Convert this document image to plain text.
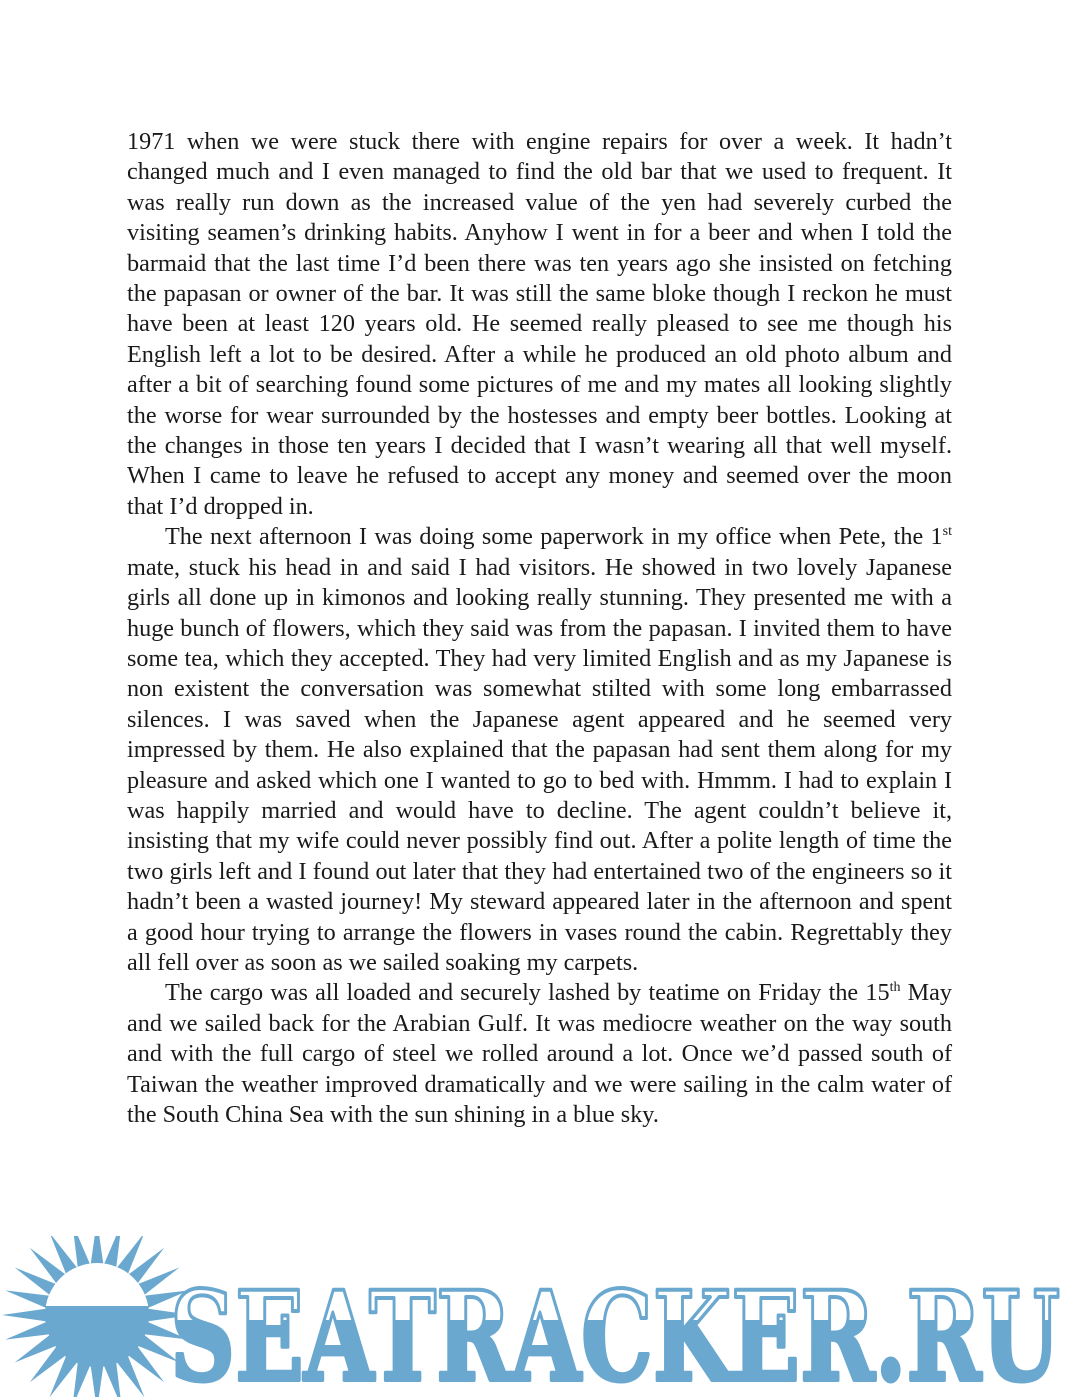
1971 when we were stuck there with engine repairs for over a week. It hadn’t changed much and I even managed to find the old bar that we used to frequent. It was really run down as the increased value of the yen had severely curbed the visiting seamen’s drinking habits. Anyhow I went in for a beer and when I told the barmaid that the last time I’d been there was ten years ago she insisted on fetching the papasan or owner of the bar. It was still the same bloke though I reckon he must have been at least 120 years old. He seemed really pleased to see me though his English left a lot to be desired. After a while he produced an old photo album and after a bit of searching found some pictures of me and my mates all looking slightly the worse for wear surrounded by the hostesses and empty beer bottles. Looking at the changes in those ten years I decided that I wasn’t wearing all that well myself. When I came to leave he refused to accept any money and seemed over the moon that I’d dropped in.

The next afternoon I was doing some paperwork in my office when Pete, the 1st mate, stuck his head in and said I had visitors. He showed in two lovely Japanese girls all done up in kimonos and looking really stunning. They presented me with a huge bunch of flowers, which they said was from the papasan. I invited them to have some tea, which they accepted. They had very limited English and as my Japanese is non existent the conversation was somewhat stilted with some long embarrassed silences. I was saved when the Japanese agent appeared and he seemed very impressed by them. He also explained that the papasan had sent them along for my pleasure and asked which one I wanted to go to bed with. Hmmm. I had to explain I was happily married and would have to decline. The agent couldn’t believe it, insisting that my wife could never possibly find out. After a polite length of time the two girls left and I found out later that they had entertained two of the engineers so it hadn’t been a wasted journey! My steward appeared later in the afternoon and spent a good hour trying to arrange the flowers in vases round the cabin. Regrettably they all fell over as soon as we sailed soaking my carpets.

The cargo was all loaded and securely lashed by teatime on Friday the 15th May and we sailed back for the Arabian Gulf. It was mediocre weather on the way south and with the full cargo of steel we rolled around a lot. Once we’d passed south of Taiwan the weather improved dramatically and we were sailing in the calm water of the South China Sea with the sun shining in a blue sky.

SEATRACKER.RU
